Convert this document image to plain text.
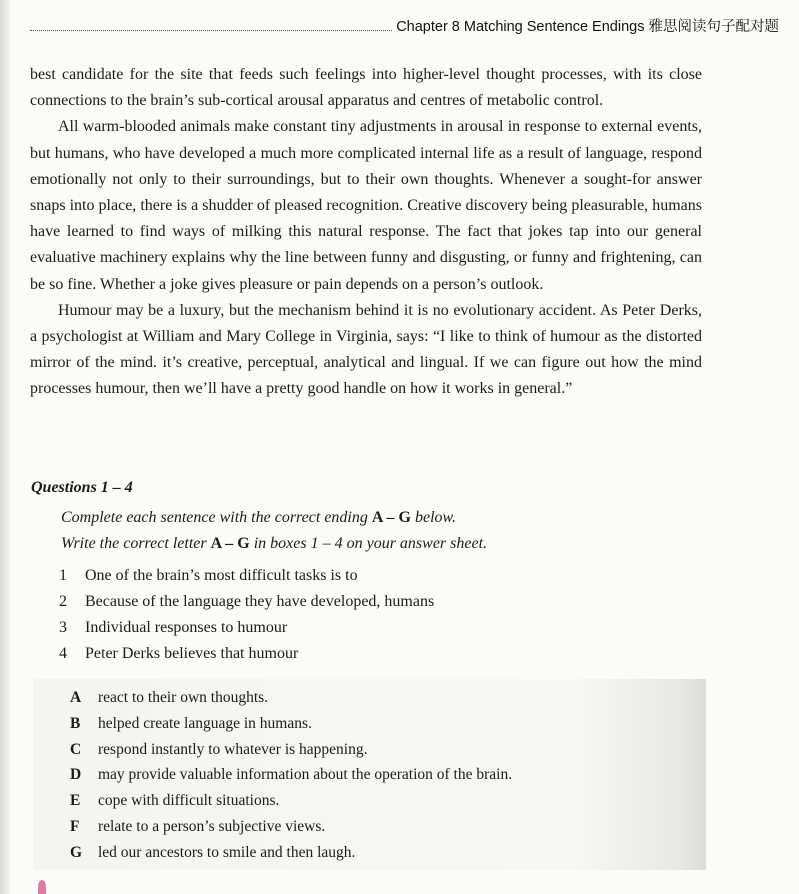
Chapter 8 Matching Sentence Endings 雅思阅读句子配对题

best candidate for the site that feeds such feelings into higher-level thought processes, with its close connections to the brain’s sub-cortical arousal apparatus and centres of metabolic control.

All warm-blooded animals make constant tiny adjustments in arousal in response to external events, but humans, who have developed a much more complicated internal life as a result of language, respond emotionally not only to their surroundings, but to their own thoughts. Whenever a sought-for answer snaps into place, there is a shudder of pleased recognition. Creative discovery being pleasurable, humans have learned to find ways of milking this natural response. The fact that jokes tap into our general evaluative machinery explains why the line between funny and disgusting, or funny and frightening, can be so fine. Whether a joke gives pleasure or pain depends on a person’s outlook.

Humour may be a luxury, but the mechanism behind it is no evolutionary accident. As Peter Derks, a psychologist at William and Mary College in Virginia, says: “I like to think of humour as the distorted mirror of the mind. it’s creative, perceptual, analytical and lingual. If we can figure out how the mind processes humour, then we’ll have a pretty good handle on how it works in general.”

Questions 1 – 4
Complete each sentence with the correct ending A – G below.
Write the correct letter A – G in boxes 1 – 4 on your answer sheet.
1	One of the brain’s most difficult tasks is to
2	Because of the language they have developed, humans
3	Individual responses to humour
4	Peter Derks believes that humour
A	react to their own thoughts.
B	helped create language in humans.
C	respond instantly to whatever is happening.
D	may provide valuable information about the operation of the brain.
E	cope with difficult situations.
F	relate to a person’s subjective views.
G	led our ancestors to smile and then laugh.
